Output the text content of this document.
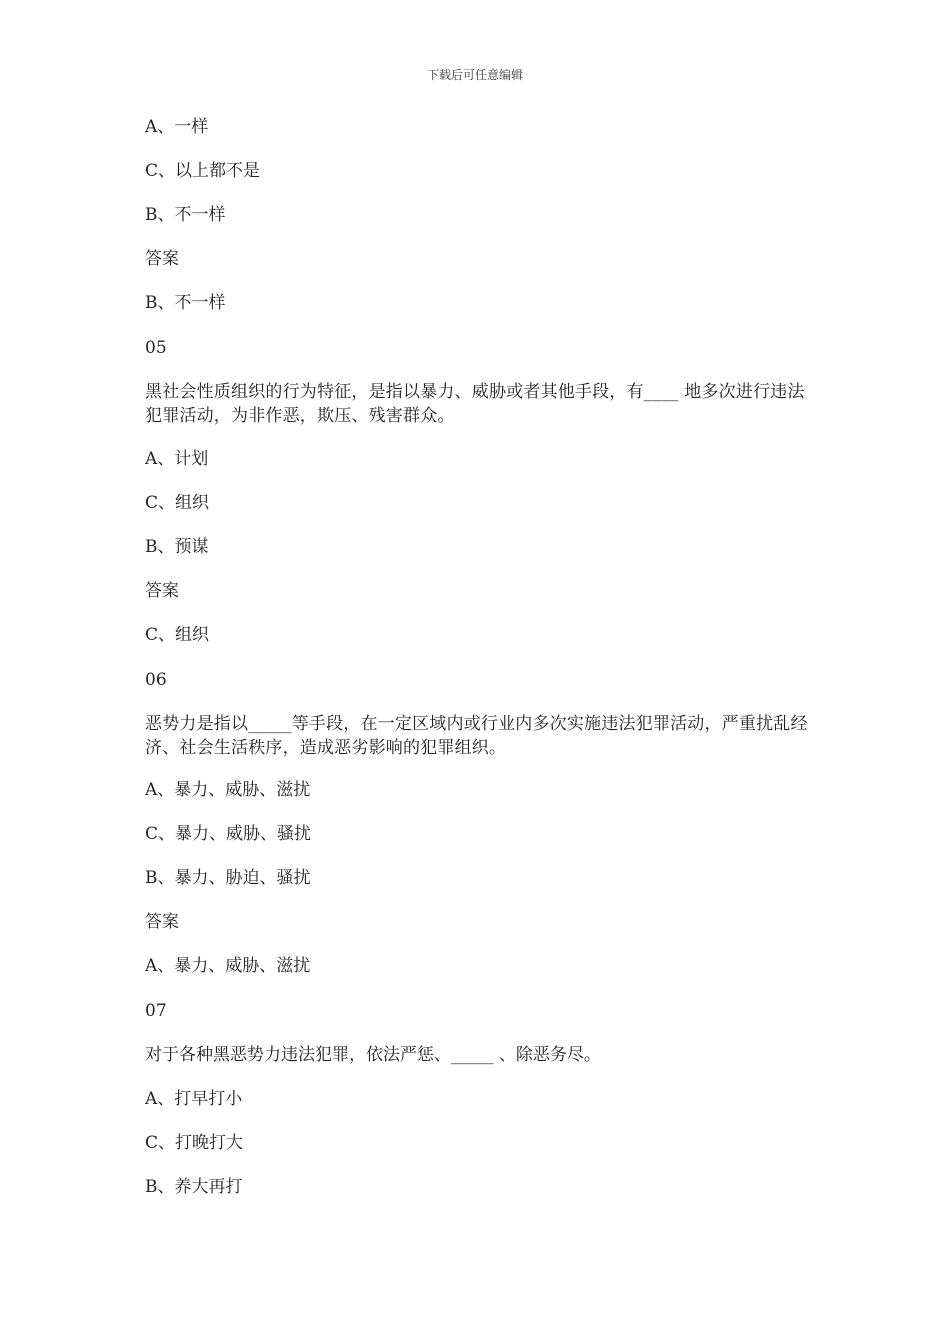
下载后可任意编辑
A、一样
C、以上都不是
B、不一样
答案
B、不一样
05
黑社会性质组织的行为特征，是指以暴力、威胁或者其他手段，有____ 地多次进行违法犯罪活动，为非作恶，欺压、残害群众。
A、计划
C、组织
B、预谋
答案
C、组织
06
恶势力是指以_____等手段，在一定区域内或行业内多次实施违法犯罪活动，严重扰乱经济、社会生活秩序，造成恶劣影响的犯罪组织。
A、暴力、威胁、滋扰
C、暴力、威胁、骚扰
B、暴力、胁迫、骚扰
答案
A、暴力、威胁、滋扰
07
对于各种黑恶势力违法犯罪，依法严惩、_____ 、除恶务尽。
A、打早打小
C、打晚打大
B、养大再打
